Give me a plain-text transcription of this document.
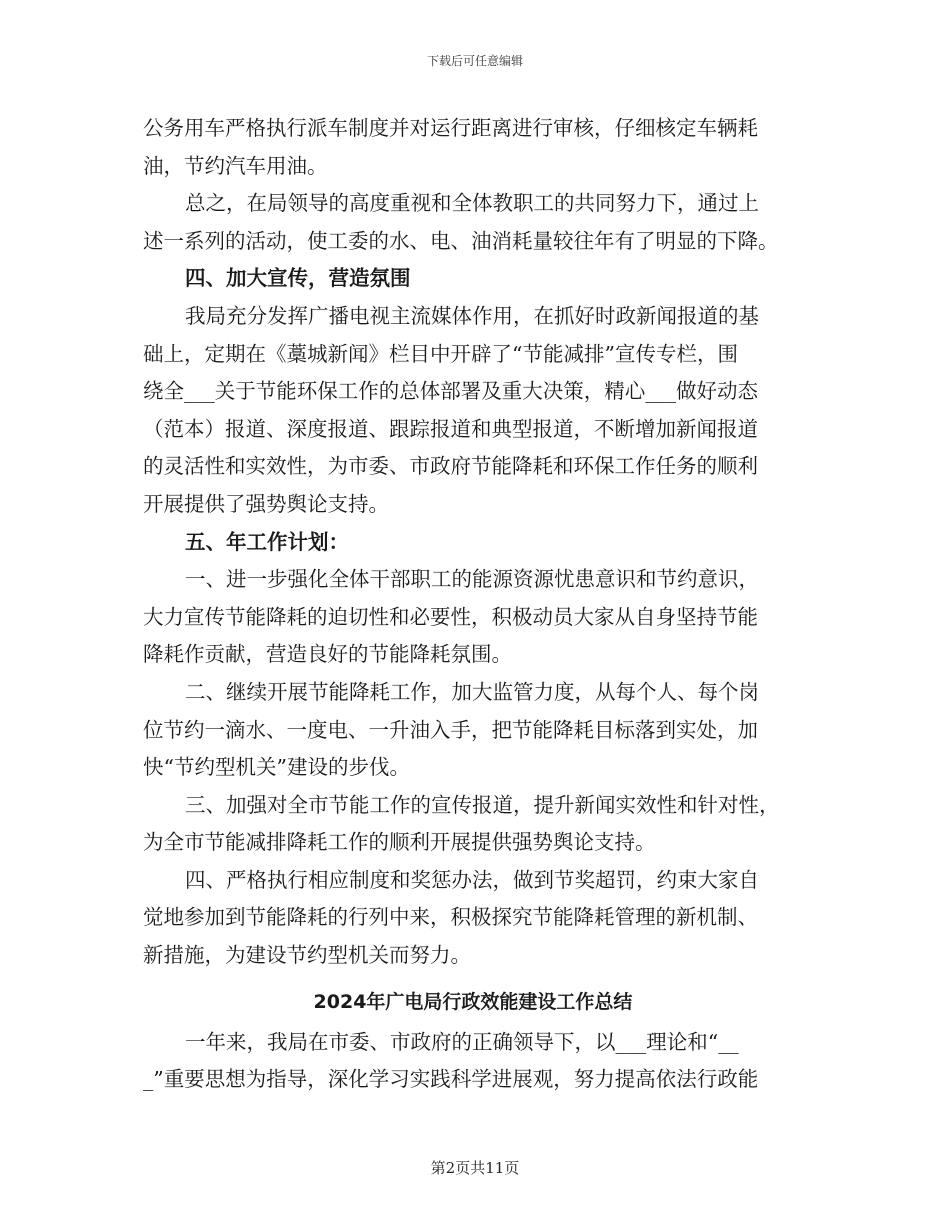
下载后可任意编辑
公务用车严格执行派车制度并对运行距离进行审核，仔细核定车辆耗
油，节约汽车用油。
总之，在局领导的高度重视和全体教职工的共同努力下，通过上
述一系列的活动，使工委的水、电、油消耗量较往年有了明显的下降。
四、加大宣传，营造氛围
我局充分发挥广播电视主流媒体作用，在抓好时政新闻报道的基
础上，定期在《藁城新闻》栏目中开辟了“节能减排”宣传专栏，围
绕全___关于节能环保工作的总体部署及重大决策，精心___做好动态
（范本）报道、深度报道、跟踪报道和典型报道，不断增加新闻报道
的灵活性和实效性，为市委、市政府节能降耗和环保工作任务的顺利
开展提供了强势舆论支持。
五、年工作计划：
一、进一步强化全体干部职工的能源资源忧患意识和节约意识，
大力宣传节能降耗的迫切性和必要性，积极动员大家从自身坚持节能
降耗作贡献，营造良好的节能降耗氛围。
二、继续开展节能降耗工作，加大监管力度，从每个人、每个岗
位节约一滴水、一度电、一升油入手，把节能降耗目标落到实处，加
快“节约型机关”建设的步伐。
三、加强对全市节能工作的宣传报道，提升新闻实效性和针对性，
为全市节能减排降耗工作的顺利开展提供强势舆论支持。
四、严格执行相应制度和奖惩办法，做到节奖超罚，约束大家自
觉地参加到节能降耗的行列中来，积极探究节能降耗管理的新机制、
新措施，为建设节约型机关而努力。
2024年广电局行政效能建设工作总结
一年来，我局在市委、市政府的正确领导下，以___理论和“__
_”重要思想为指导，深化学习实践科学进展观，努力提高依法行政能
第2页共11页
